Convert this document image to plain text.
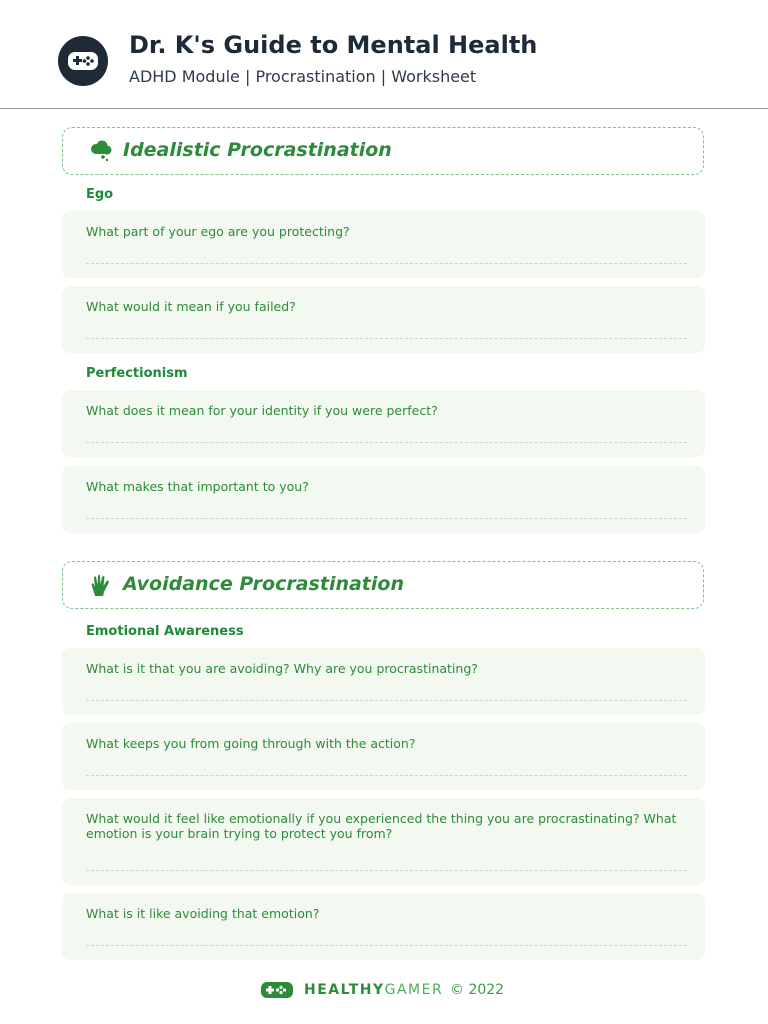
Dr. K's Guide to Mental Health
ADHD Module | Procrastination | Worksheet
Idealistic Procrastination
Ego
What part of your ego are you protecting?
What would it mean if you failed?
Perfectionism
What does it mean for your identity if you were perfect?
What makes that important to you?
Avoidance Procrastination
Emotional Awareness
What is it that you are avoiding? Why are you procrastinating?
What keeps you from going through with the action?
What would it feel like emotionally if you experienced the thing you are procrastinating? What emotion is your brain trying to protect you from?
What is it like avoiding that emotion?
HEALTHYGAMER © 2022
